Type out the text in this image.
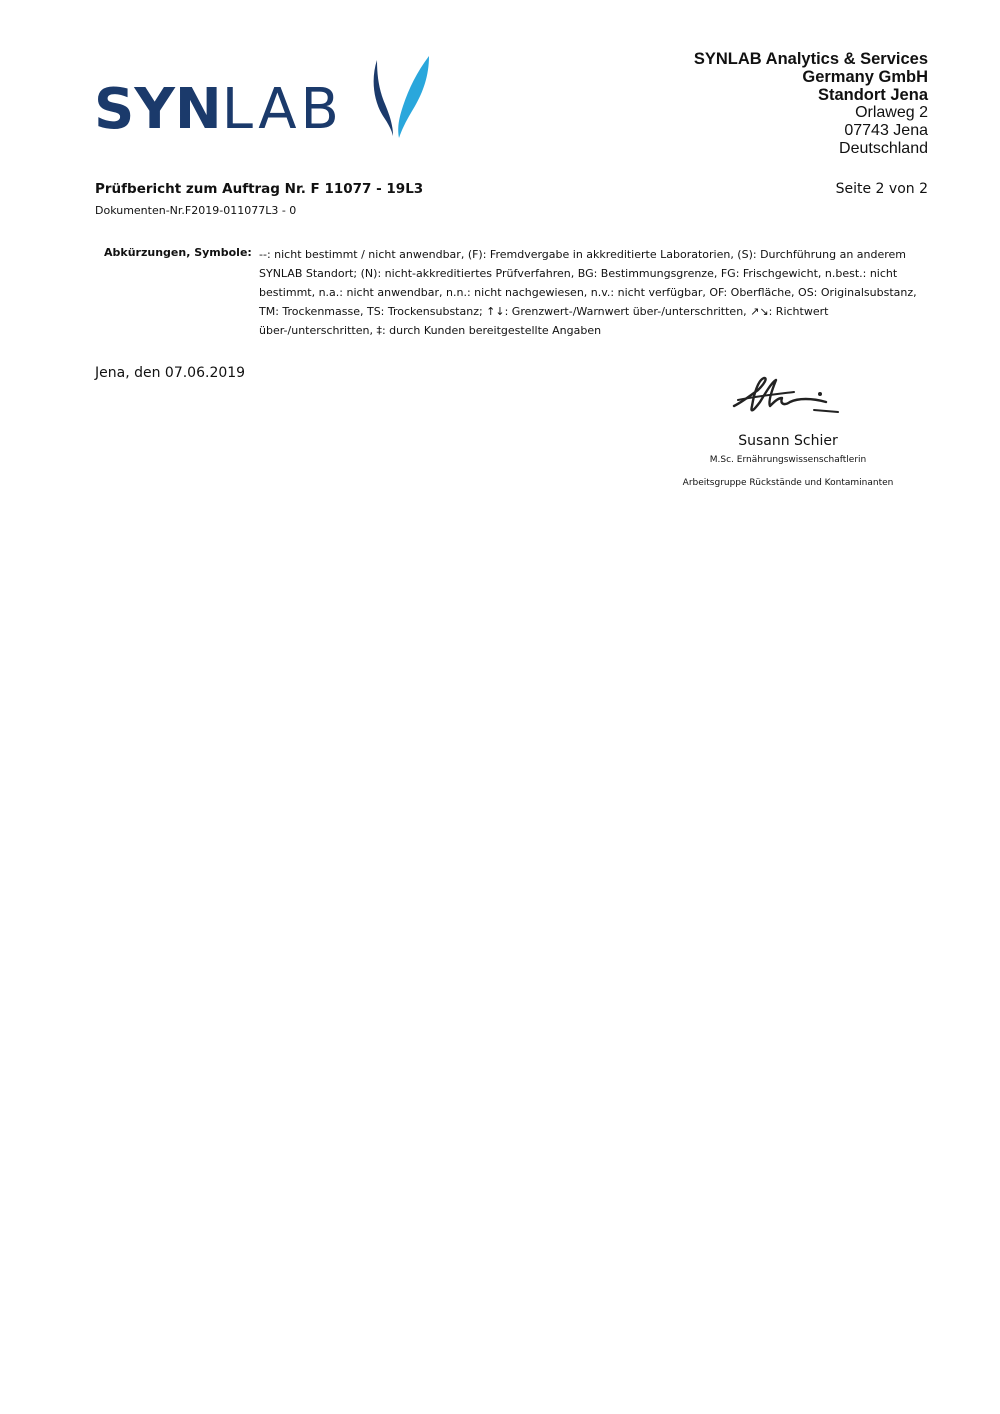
SYNLAB
SYNLAB Analytics & Services
Germany GmbH
Standort Jena
Orlaweg 2
07743 Jena
Deutschland
Prüfbericht zum Auftrag Nr. F 11077 - 19L3	Seite 2 von 2
Dokumenten-Nr.F2019-011077L3 - 0
Abkürzungen, Symbole: --: nicht bestimmt / nicht anwendbar, (F): Fremdvergabe in akkreditierte Laboratorien, (S): Durchführung an anderem SYNLAB Standort; (N): nicht-akkreditiertes Prüfverfahren, BG: Bestimmungsgrenze, FG: Frischgewicht, n.best.: nicht bestimmt, n.a.: nicht anwendbar, n.n.: nicht nachgewiesen, n.v.: nicht verfügbar, OF: Oberfläche, OS: Originalsubstanz, TM: Trockenmasse, TS: Trockensubstanz; ↑↓: Grenzwert-/Warnwert über-/unterschritten, ↗↘: Richtwert über-/unterschritten, ‡: durch Kunden bereitgestellte Angaben
Jena, den 07.06.2019
Susann Schier
M.Sc. Ernährungswissenschaftlerin
Arbeitsgruppe Rückstände und Kontaminanten
